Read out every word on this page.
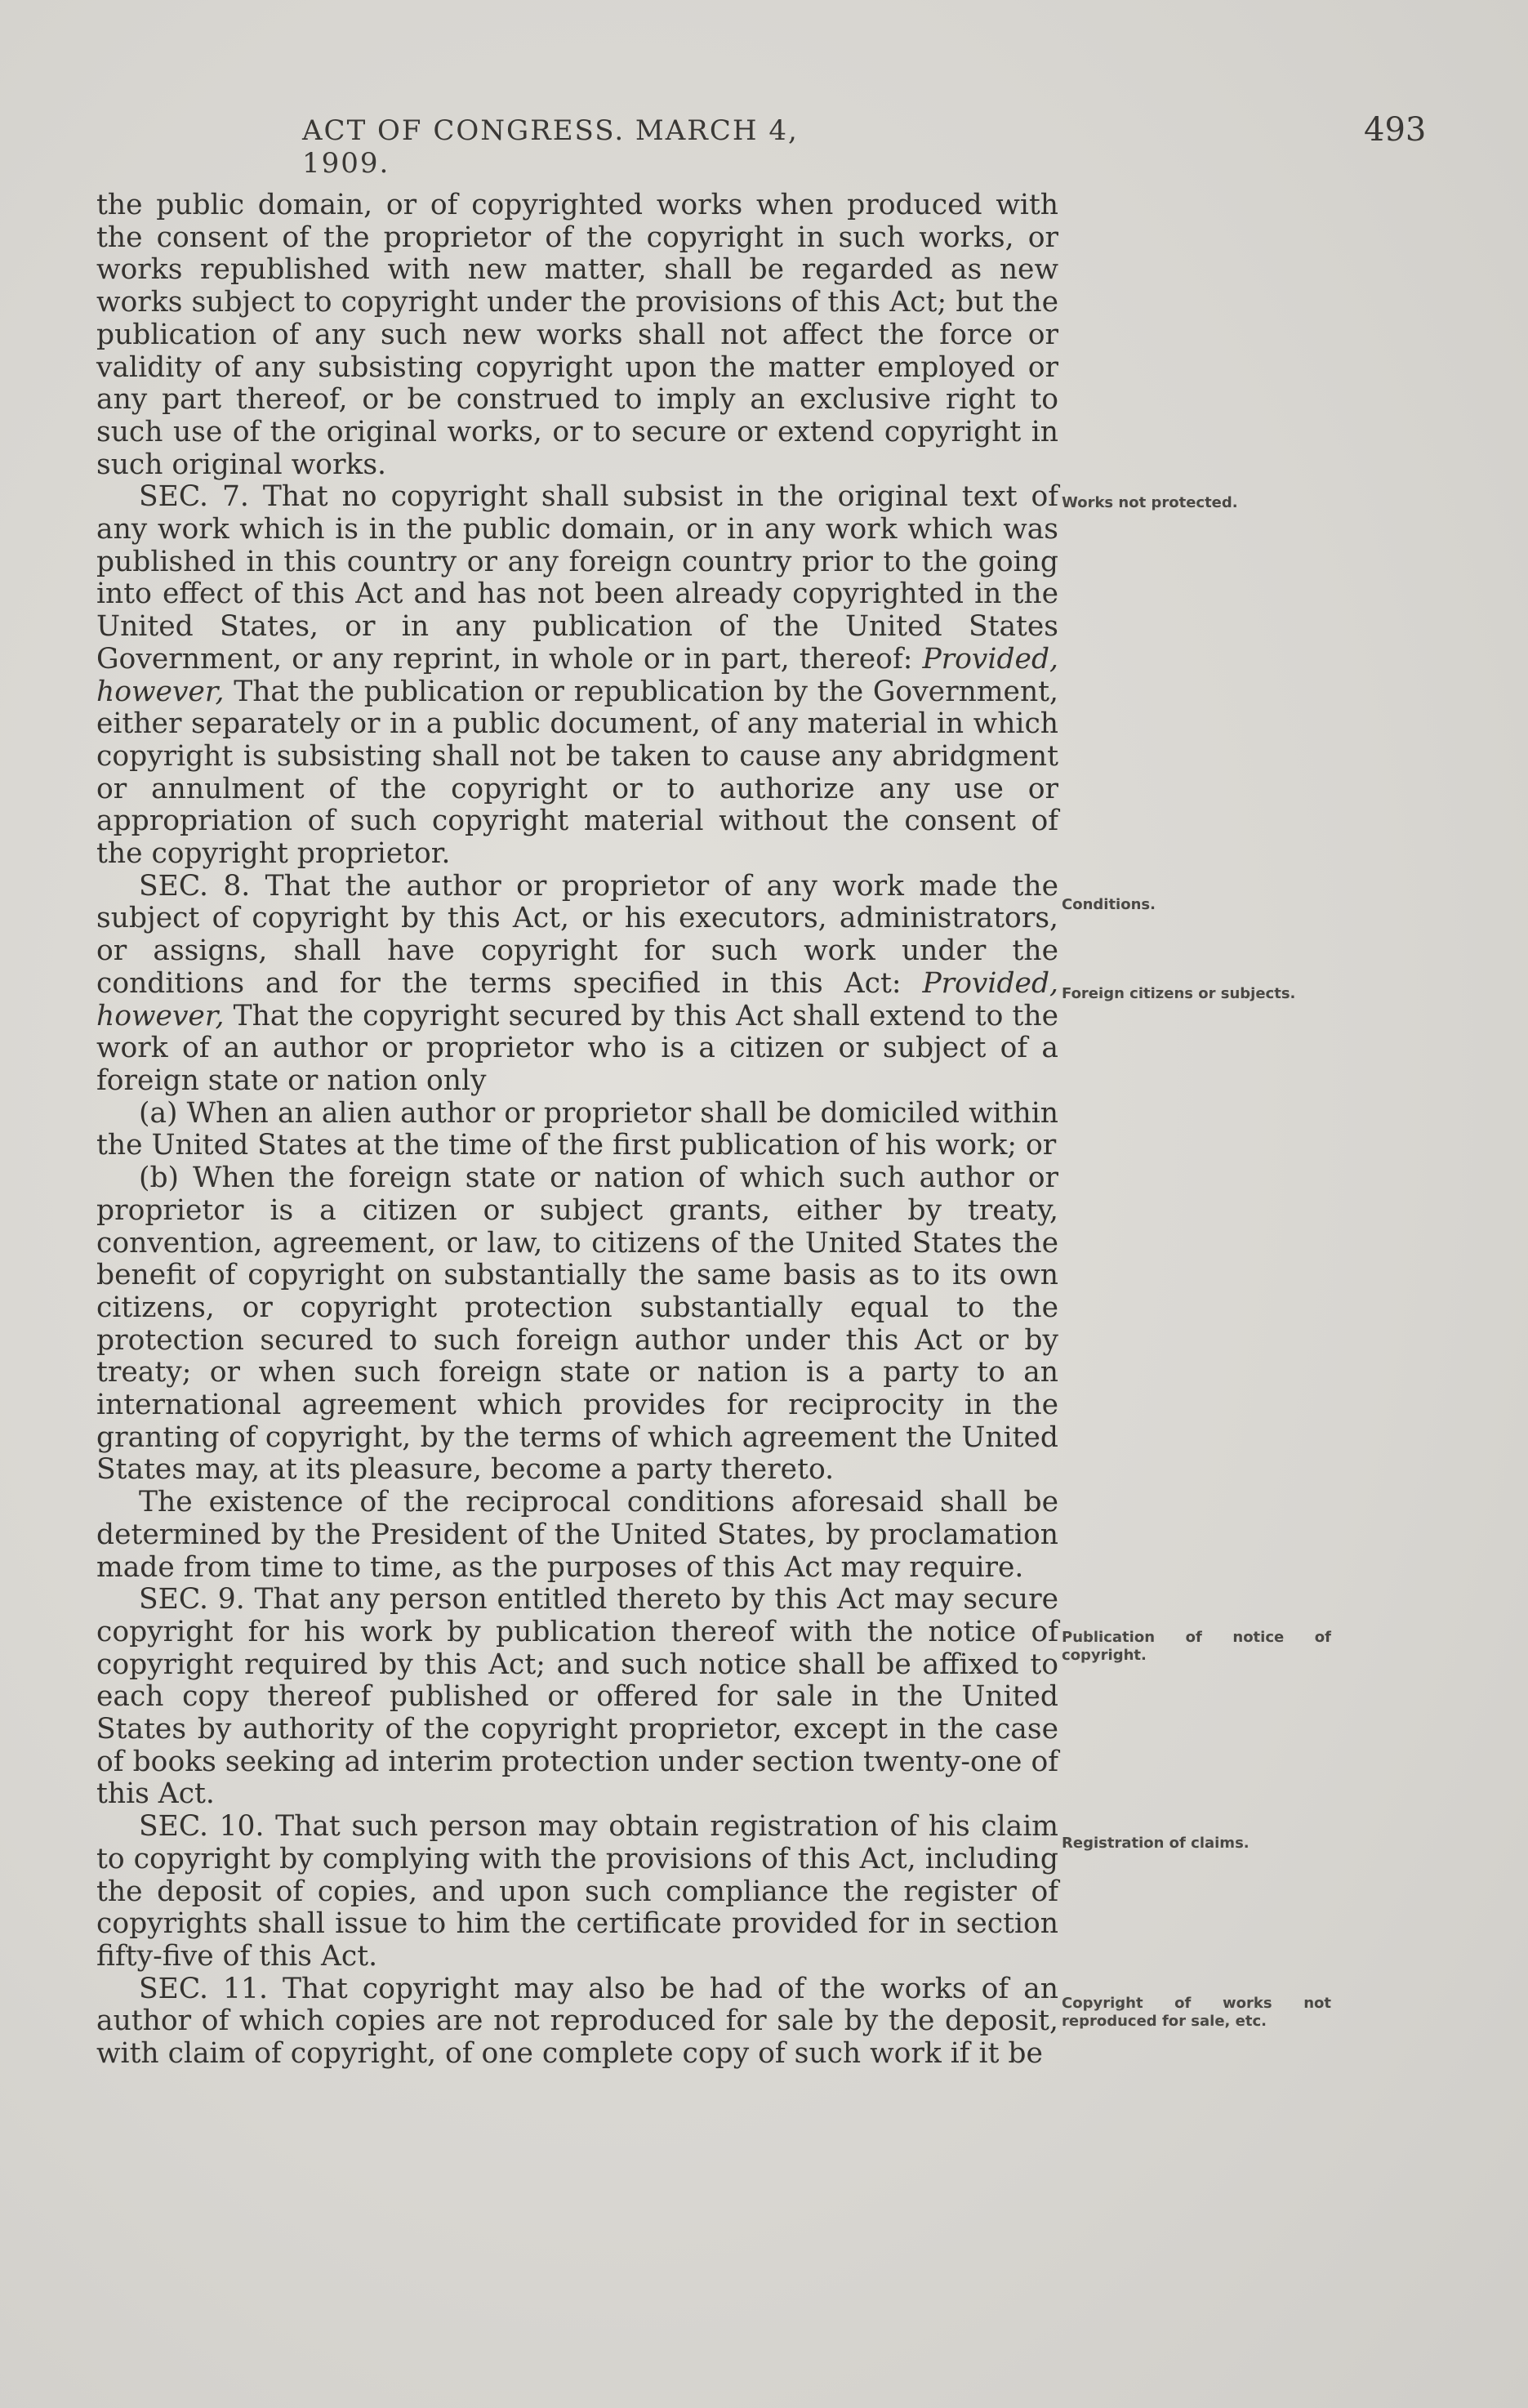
ACT OF CONGRESS. MARCH 4, 1909.
493

the public domain, or of copyrighted works when produced with the consent of the proprietor of the copyright in such works, or works republished with new matter, shall be regarded as new works subject to copyright under the provisions of this Act; but the publication of any such new works shall not affect the force or validity of any subsisting copyright upon the matter employed or any part thereof, or be construed to imply an exclusive right to such use of the original works, or to secure or extend copyright in such original works.

SEC. 7. That no copyright shall subsist in the original text of any work which is in the public domain, or in any work which was published in this country or any foreign country prior to the going into effect of this Act and has not been already copyrighted in the United States, or in any publication of the United States Government, or any reprint, in whole or in part, thereof: Provided, however, That the publication or republication by the Government, either separately or in a public document, of any material in which copyright is subsisting shall not be taken to cause any abridgment or annulment of the copyright or to authorize any use or appropriation of such copyright material without the consent of the copyright proprietor.

SEC. 8. That the author or proprietor of any work made the subject of copyright by this Act, or his executors, administrators, or assigns, shall have copyright for such work under the conditions and for the terms specified in this Act: Provided, however, That the copyright secured by this Act shall extend to the work of an author or proprietor who is a citizen or subject of a foreign state or nation only

(a) When an alien author or proprietor shall be domiciled within the United States at the time of the first publication of his work; or

(b) When the foreign state or nation of which such author or proprietor is a citizen or subject grants, either by treaty, convention, agreement, or law, to citizens of the United States the benefit of copyright on substantially the same basis as to its own citizens, or copyright protection substantially equal to the protection secured to such foreign author under this Act or by treaty; or when such foreign state or nation is a party to an international agreement which provides for reciprocity in the granting of copyright, by the terms of which agreement the United States may, at its pleasure, become a party thereto.

The existence of the reciprocal conditions aforesaid shall be determined by the President of the United States, by proclamation made from time to time, as the purposes of this Act may require.

SEC. 9. That any person entitled thereto by this Act may secure copyright for his work by publication thereof with the notice of copyright required by this Act; and such notice shall be affixed to each copy thereof published or offered for sale in the United States by authority of the copyright proprietor, except in the case of books seeking ad interim protection under section twenty-one of this Act.

SEC. 10. That such person may obtain registration of his claim to copyright by complying with the provisions of this Act, including the deposit of copies, and upon such compliance the register of copyrights shall issue to him the certificate provided for in section fifty-five of this Act.

SEC. 11. That copyright may also be had of the works of an author of which copies are not reproduced for sale by the deposit, with claim of copyright, of one complete copy of such work if it be

Works not protected.
Conditions.
Foreign citizens or subjects.
Publication of notice of copyright.
Registration of claims.
Copyright of works not reproduced for sale, etc.
